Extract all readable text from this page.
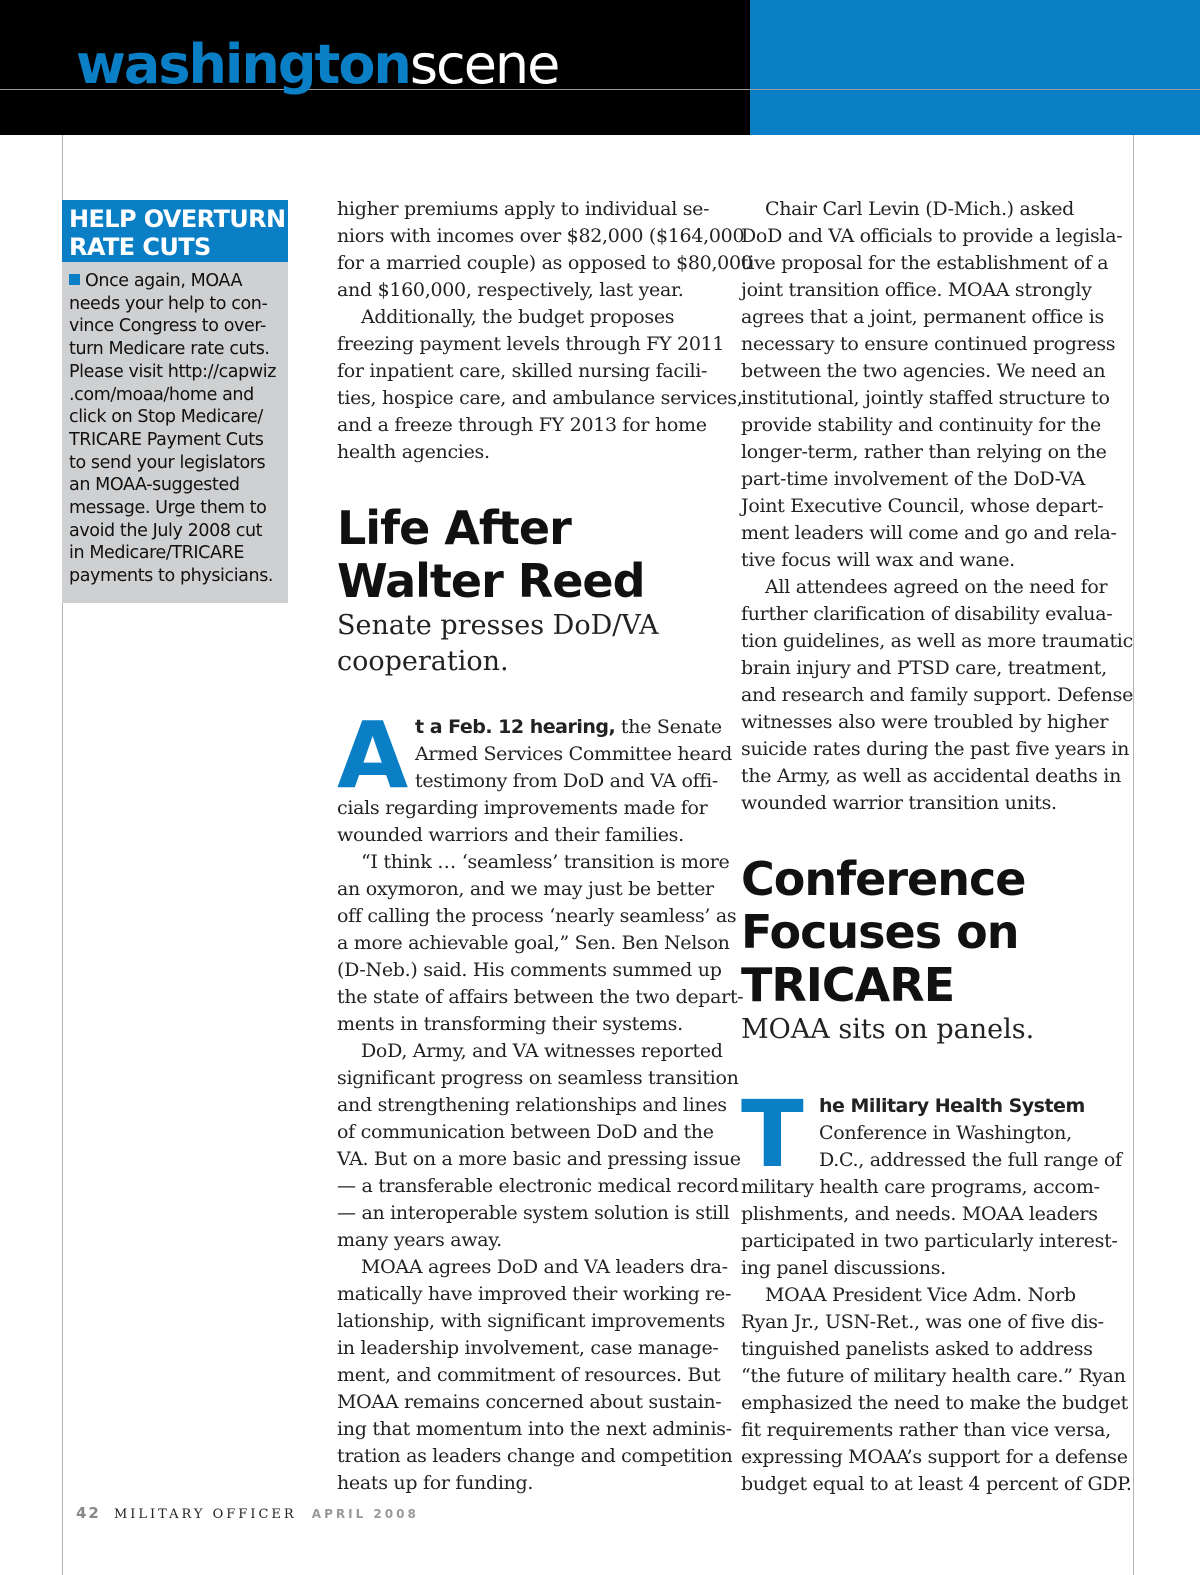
washingtonscene
HELP OVERTURN
RATE CUTS
Once again, MOAA
needs your help to con-
vince Congress to over-
turn Medicare rate cuts.
Please visit http://capwiz
.com/moaa/home and
click on Stop Medicare/
TRICARE Payment Cuts
to send your legislators
an MOAA-suggested
message. Urge them to
avoid the July 2008 cut
in Medicare/TRICARE
payments to physicians.
higher premiums apply to individual se-
niors with incomes over $82,000 ($164,000
for a married couple) as opposed to $80,000
and $160,000, respectively, last year.
Additionally, the budget proposes
freezing payment levels through FY 2011
for inpatient care, skilled nursing facili-
ties, hospice care, and ambulance services,
and a freeze through FY 2013 for home
health agencies.
Life After
Walter Reed
Senate presses DoD/VA
cooperation.
A t a Feb. 12 hearing, the Senate
Armed Services Committee heard
testimony from DoD and VA offi-
cials regarding improvements made for
wounded warriors and their families.
“I think … ‘seamless’ transition is more
an oxymoron, and we may just be better
off calling the process ‘nearly seamless’ as
a more achievable goal,” Sen. Ben Nelson
(D-Neb.) said. His comments summed up
the state of affairs between the two depart-
ments in transforming their systems.
DoD, Army, and VA witnesses reported
significant progress on seamless transition
and strengthening relationships and lines
of communication between DoD and the
VA. But on a more basic and pressing issue
— a transferable electronic medical record
— an interoperable system solution is still
many years away.
MOAA agrees DoD and VA leaders dra-
matically have improved their working re-
lationship, with significant improvements
in leadership involvement, case manage-
ment, and commitment of resources. But
MOAA remains concerned about sustain-
ing that momentum into the next adminis-
tration as leaders change and competition
heats up for funding.
Chair Carl Levin (D-Mich.) asked
DoD and VA officials to provide a legisla-
tive proposal for the establishment of a
joint transition office. MOAA strongly
agrees that a joint, permanent office is
necessary to ensure continued progress
between the two agencies. We need an
institutional, jointly staffed structure to
provide stability and continuity for the
longer-term, rather than relying on the
part-time involvement of the DoD-VA
Joint Executive Council, whose depart-
ment leaders will come and go and rela-
tive focus will wax and wane.
All attendees agreed on the need for
further clarification of disability evalua-
tion guidelines, as well as more traumatic
brain injury and PTSD care, treatment,
and research and family support. Defense
witnesses also were troubled by higher
suicide rates during the past five years in
the Army, as well as accidental deaths in
wounded warrior transition units.
Conference
Focuses on
TRICARE
MOAA sits on panels.
T he Military Health System
Conference in Washington,
D.C., addressed the full range of
military health care programs, accom-
plishments, and needs. MOAA leaders
participated in two particularly interest-
ing panel discussions.
MOAA President Vice Adm. Norb
Ryan Jr., USN-Ret., was one of five dis-
tinguished panelists asked to address
“the future of military health care.” Ryan
emphasized the need to make the budget
fit requirements rather than vice versa,
expressing MOAA’s support for a defense
budget equal to at least 4 percent of GDP.
42 MILITARY OFFICER APRIL 2008
